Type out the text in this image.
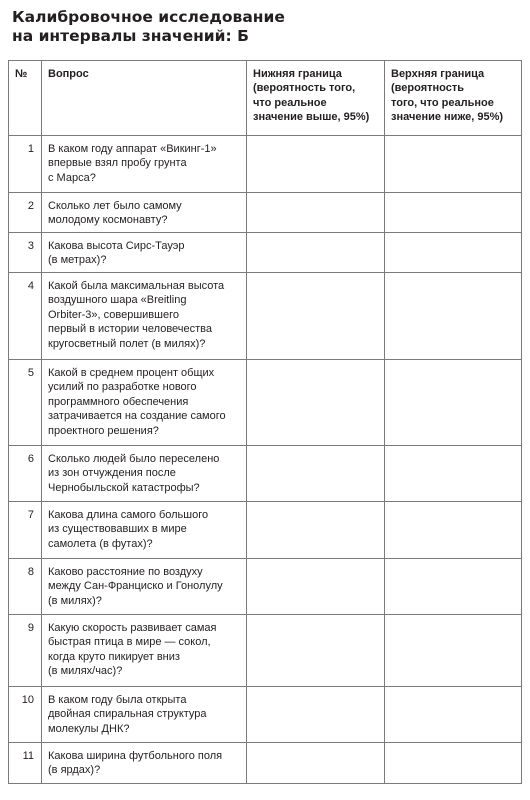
Калибровочное исследование
на интервалы значений: Б
№	Вопрос	Нижняя граница
(вероятность того,
что реальное
значение выше, 95%)	Верхняя граница
(вероятность
того, что реальное
значение ниже, 95%)

1	В каком году аппарат «Викинг-1»
впервые взял пробу грунта
с Марса?		

2	Сколько лет было самому
молодому космонавту?		

3	Какова высота Сирс-Тауэр
(в метрах)?		

4	Какой была максимальная высота
воздушного шара «Breitling
Orbiter-3», совершившего
первый в истории человечества
кругосветный полет (в милях)?		

5	Какой в среднем процент общих
усилий по разработке нового
программного обеспечения
затрачивается на создание самого
проектного решения?		

6	Сколько людей было переселено
из зон отчуждения после
Чернобыльской катастрофы?		

7	Какова длина самого большого
из существовавших в мире
самолета (в футах)?		

8	Каково расстояние по воздуху
между Сан-Франциско и Гонолулу
(в милях)?		

9	Какую скорость развивает самая
быстрая птица в мире — сокол,
когда круто пикирует вниз
(в милях/час)?		

10	В каком году была открыта
двойная спиральная структура
молекулы ДНК?		

11	Какова ширина футбольного поля
(в ярдах)?		
